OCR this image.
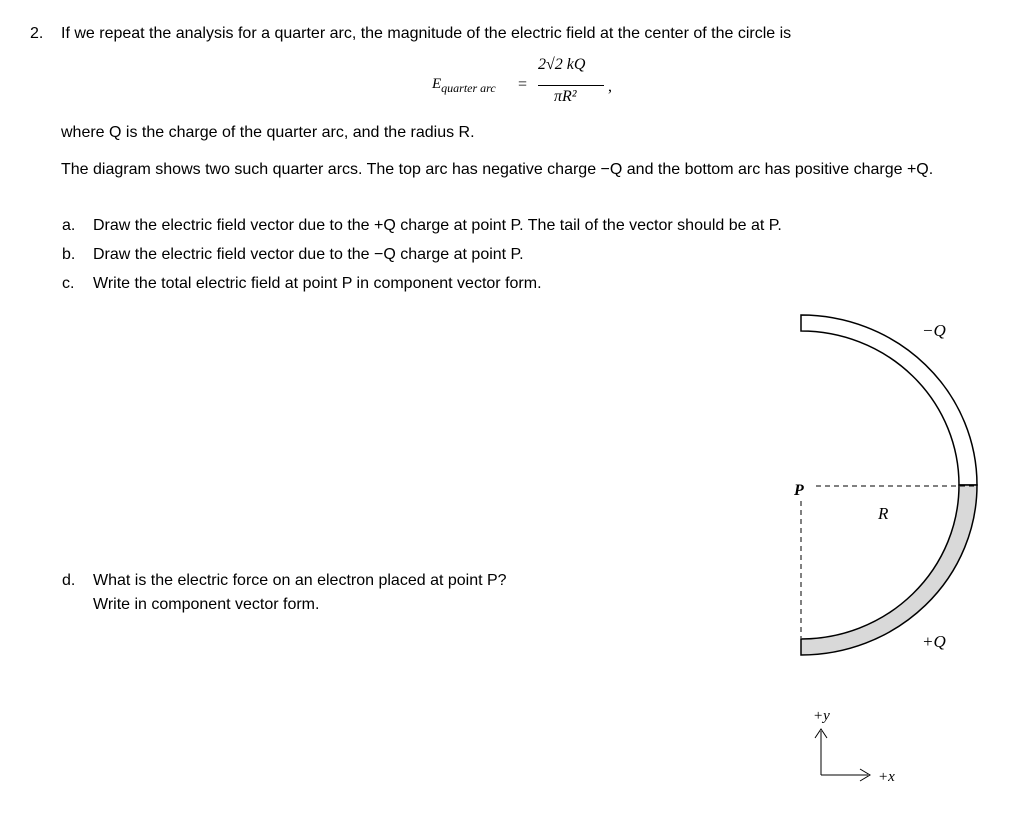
2. If we repeat the analysis for a quarter arc, the magnitude of the electric field at the center of the circle is
$E_{quarter arc}$ =
2√2 kQ
πR²
,
where Q is the charge of the quarter arc, and the radius R.
The diagram shows two such quarter arcs. The top arc has negative charge −Q and the bottom arc has positive charge +Q.
a. Draw the electric field vector due to the +Q charge at point P. The tail of the vector should be at P.
b. Draw the electric field vector due to the −Q charge at point P.
c. Write the total electric field at point P in component vector form.
d. What is the electric force on an electron placed at point P?
Write in component vector form.
−Q
+Q
P
R
+y
+x
